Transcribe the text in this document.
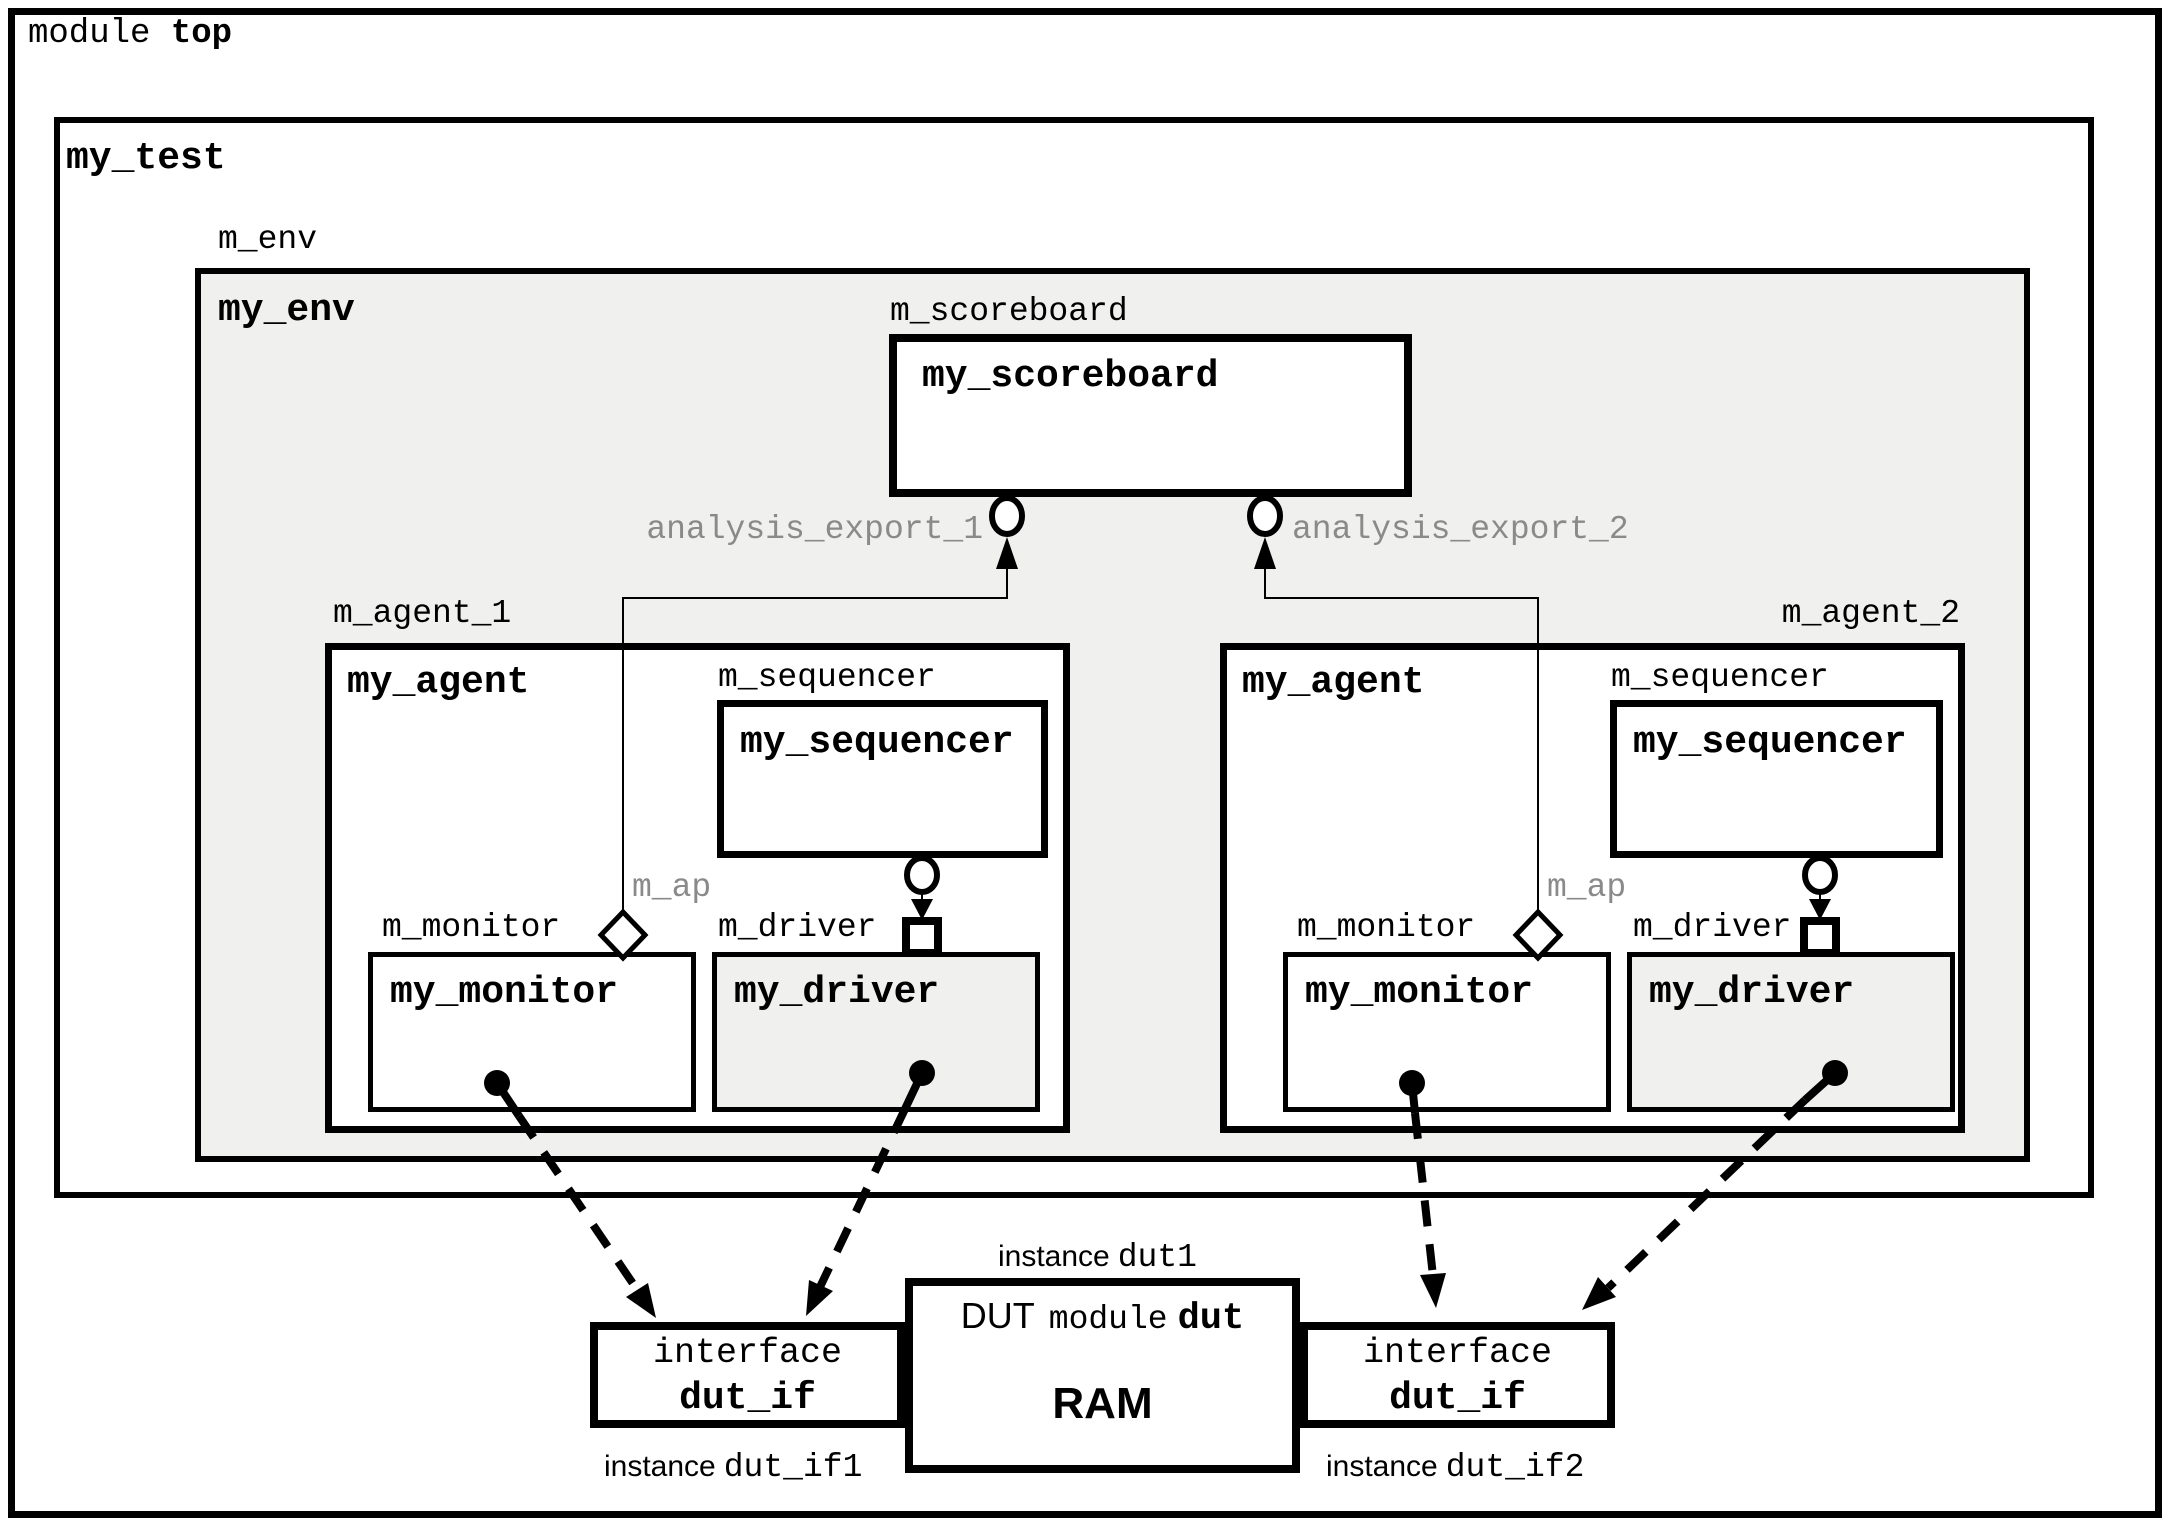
module top
my_test
m_env
my_env	m_scoreboard
my_scoreboard
analysis_export_1	analysis_export_2
m_agent_1
my_agent	m_sequencer
my_sequencer
m_ap
m_monitor	m_driver
my_monitor	my_driver
m_agent_2
my_agent	m_sequencer
my_sequencer
m_ap
m_monitor	m_driver
my_monitor	my_driver
instance dut1
DUT module dut
RAM
interface
dut_if
instance dut_if1
interface
dut_if
instance dut_if2
